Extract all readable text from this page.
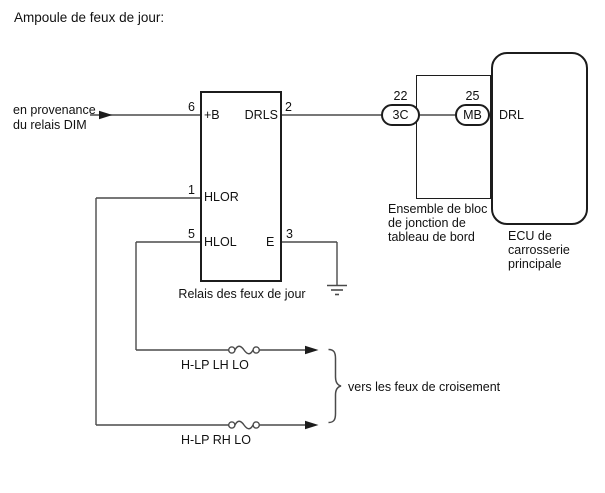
3C	MB
Ampoule de feux de jour:
en provenance
du relais DIM
6	2
1
5	3
22	25
+B	DRLS
HLOR
HLOL E
DRL
Relais des feux de jour
Ensemble de bloc
de jonction de
tableau de bord	ECU de
carrosserie
principale
H-LP LH LO
H-LP RH LO
vers les feux de croisement
